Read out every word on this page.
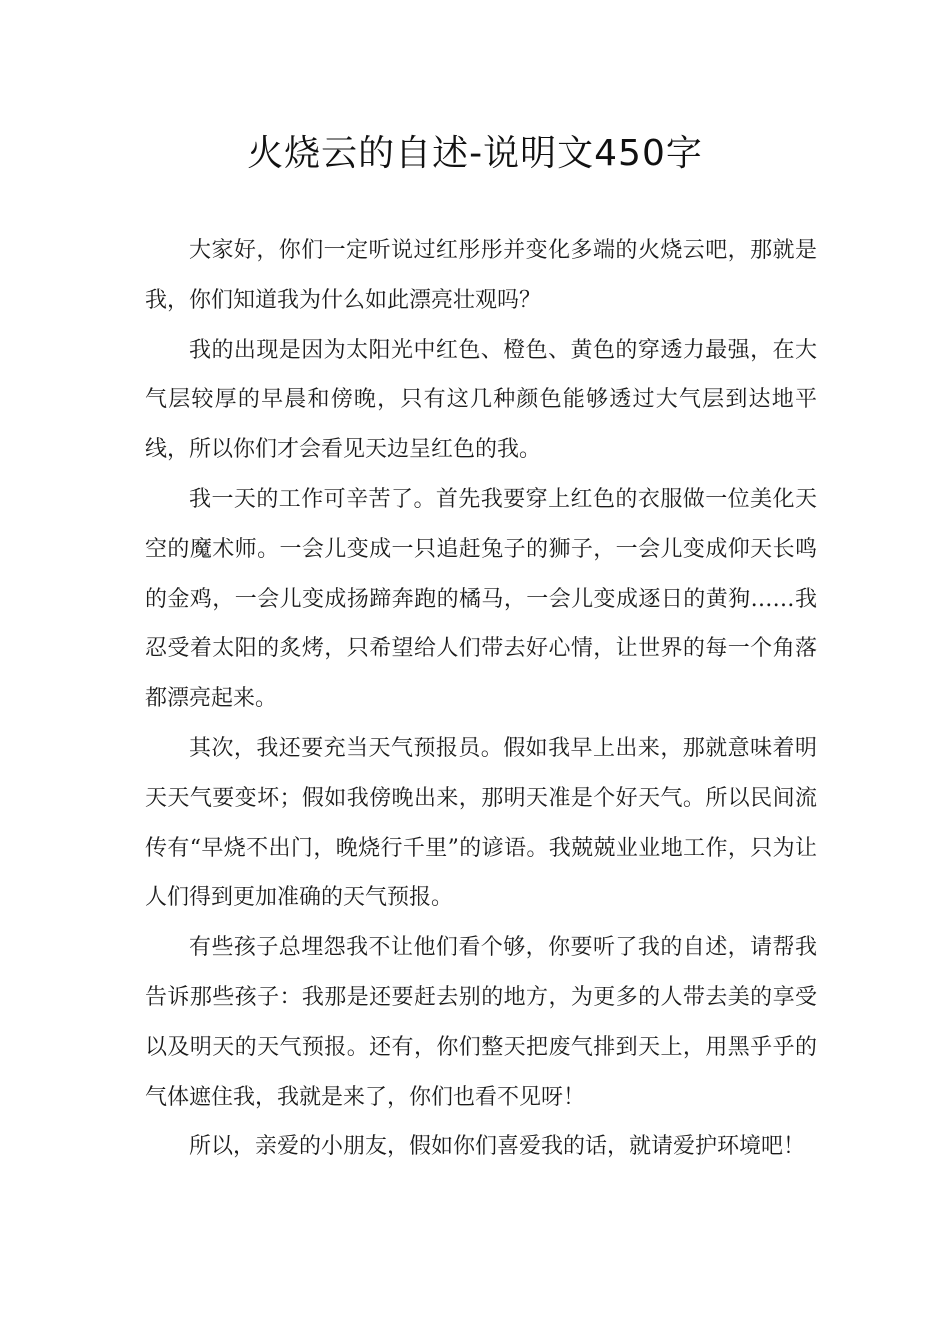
火烧云的自述-说明文450字

大家好，你们一定听说过红彤彤并变化多端的火烧云吧，那就是我，你们知道我为什么如此漂亮壮观吗？

我的出现是因为太阳光中红色、橙色、黄色的穿透力最强，在大气层较厚的早晨和傍晚，只有这几种颜色能够透过大气层到达地平线，所以你们才会看见天边呈红色的我。

我一天的工作可辛苦了。首先我要穿上红色的衣服做一位美化天空的魔术师。一会儿变成一只追赶兔子的狮子，一会儿变成仰天长鸣的金鸡，一会儿变成扬蹄奔跑的橘马，一会儿变成逐日的黄狗……我忍受着太阳的炙烤，只希望给人们带去好心情，让世界的每一个角落都漂亮起来。

其次，我还要充当天气预报员。假如我早上出来，那就意味着明天天气要变坏；假如我傍晚出来，那明天准是个好天气。所以民间流传有“早烧不出门，晚烧行千里”的谚语。我兢兢业业地工作，只为让人们得到更加准确的天气预报。

有些孩子总埋怨我不让他们看个够，你要听了我的自述，请帮我告诉那些孩子：我那是还要赶去别的地方，为更多的人带去美的享受以及明天的天气预报。还有，你们整天把废气排到天上，用黑乎乎的气体遮住我，我就是来了，你们也看不见呀！

所以，亲爱的小朋友，假如你们喜爱我的话，就请爱护环境吧！
